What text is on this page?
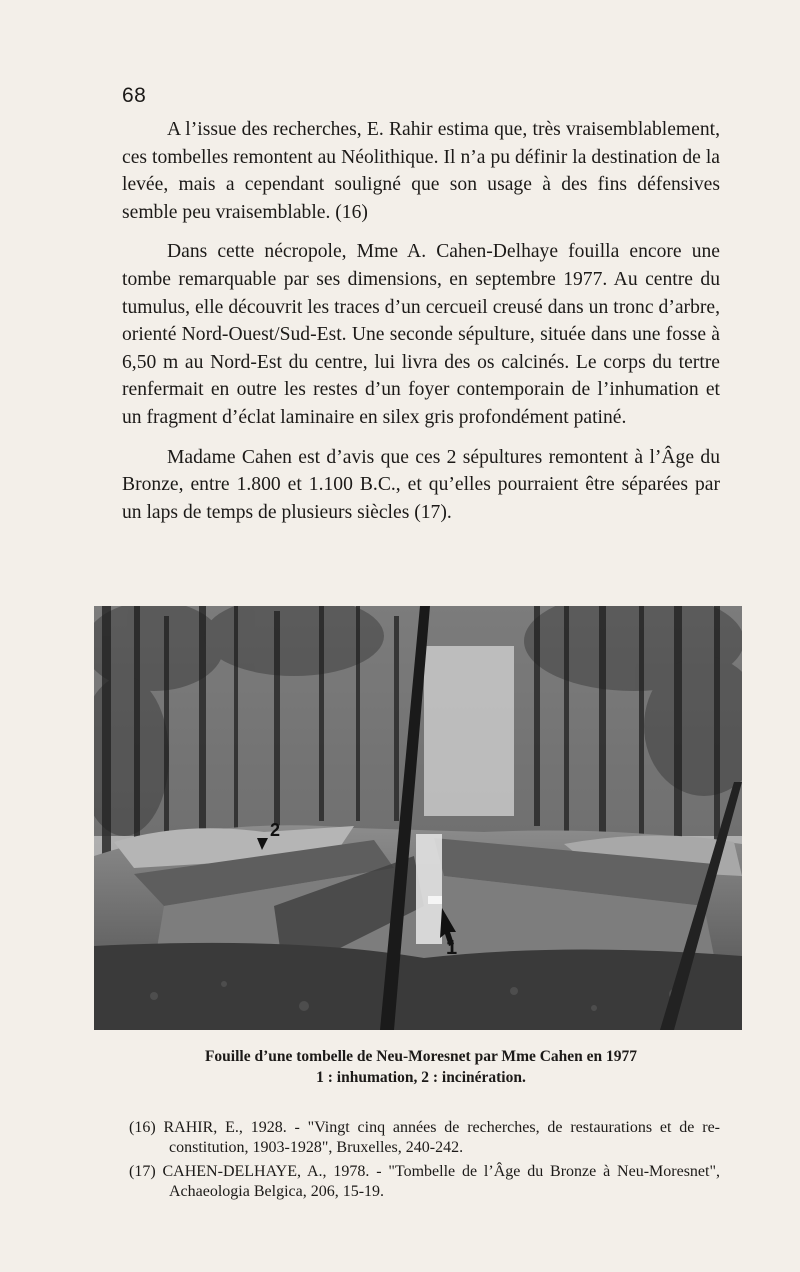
68

A l’issue des recherches, E. Rahir estima que, très vraisemblablement, ces tombelles remontent au Néolithique. Il n’a pu définir la destination de la levée, mais a cependant souligné que son usage à des fins défensives semble peu vraisemblable. (16)

Dans cette nécropole, Mme A. Cahen-Delhaye fouilla encore une tombe remarquable par ses dimensions, en septembre 1977. Au centre du tumulus, elle découvrit les traces d’un cercueil creusé dans un tronc d’arbre, orienté Nord-Ouest/Sud-Est. Une seconde sépulture, située dans une fosse à 6,50 m au Nord-Est du centre, lui livra des os calcinés. Le corps du tertre renfermait en outre les restes d’un foyer contemporain de l’inhumation et un fragment d’éclat laminaire en silex gris profondément patiné.

Madame Cahen est d’avis que ces 2 sépultures remontent à l’Âge du Bronze, entre 1.800 et 1.100 B.C., et qu’elles pourraient être séparées par un laps de temps de plusieurs siècles (17).

1
2
Fouille d’une tombelle de Neu-Moresnet par Mme Cahen en 1977
1 : inhumation, 2 : incinération.

(16) RAHIR, E., 1928. - "Vingt cinq années de recherches, de restaurations et de reconstitution, 1903-1928", Bruxelles, 240-242.

(17) CAHEN-DELHAYE, A., 1978. - "Tombelle de l’Âge du Bronze à Neu-Moresnet", Achaeologia Belgica, 206, 15-19.
